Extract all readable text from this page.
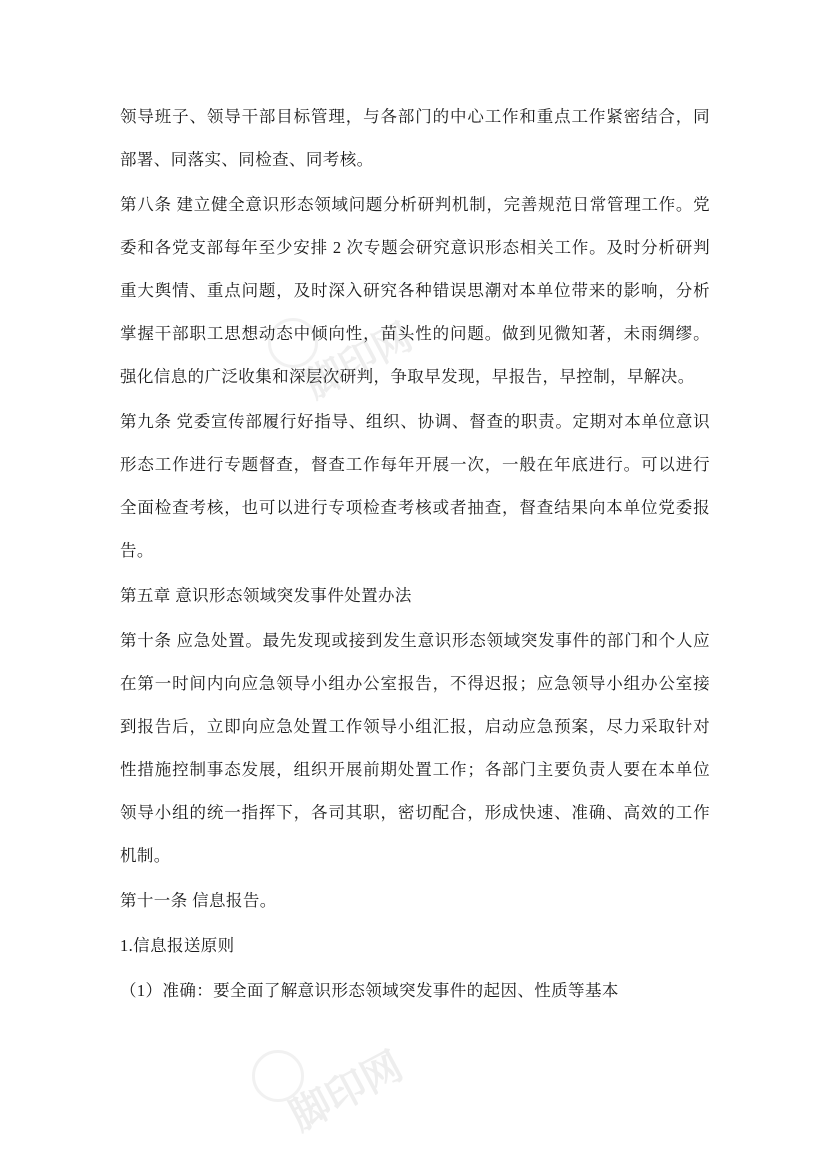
脚印网
脚印网

领导班子、领导干部目标管理，与各部门的中心工作和重点工作紧密结合，同部署、同落实、同检查、同考核。

第八条 建立健全意识形态领域问题分析研判机制，完善规范日常管理工作。党委和各党支部每年至少安排 2 次专题会研究意识形态相关工作。及时分析研判重大舆情、重点问题，及时深入研究各种错误思潮对本单位带来的影响，分析掌握干部职工思想动态中倾向性，苗头性的问题。做到见微知著，未雨绸缪。强化信息的广泛收集和深层次研判，争取早发现，早报告，早控制，早解决。

第九条 党委宣传部履行好指导、组织、协调、督查的职责。定期对本单位意识形态工作进行专题督查，督查工作每年开展一次，一般在年底进行。可以进行全面检查考核，也可以进行专项检查考核或者抽查，督查结果向本单位党委报告。

第五章 意识形态领域突发事件处置办法

第十条 应急处置。最先发现或接到发生意识形态领域突发事件的部门和个人应在第一时间内向应急领导小组办公室报告，不得迟报；应急领导小组办公室接到报告后，立即向应急处置工作领导小组汇报，启动应急预案，尽力采取针对性措施控制事态发展，组织开展前期处置工作；各部门主要负责人要在本单位领导小组的统一指挥下，各司其职，密切配合，形成快速、准确、高效的工作机制。

第十一条 信息报告。

1.信息报送原则

（1）准确：要全面了解意识形态领域突发事件的起因、性质等基本
